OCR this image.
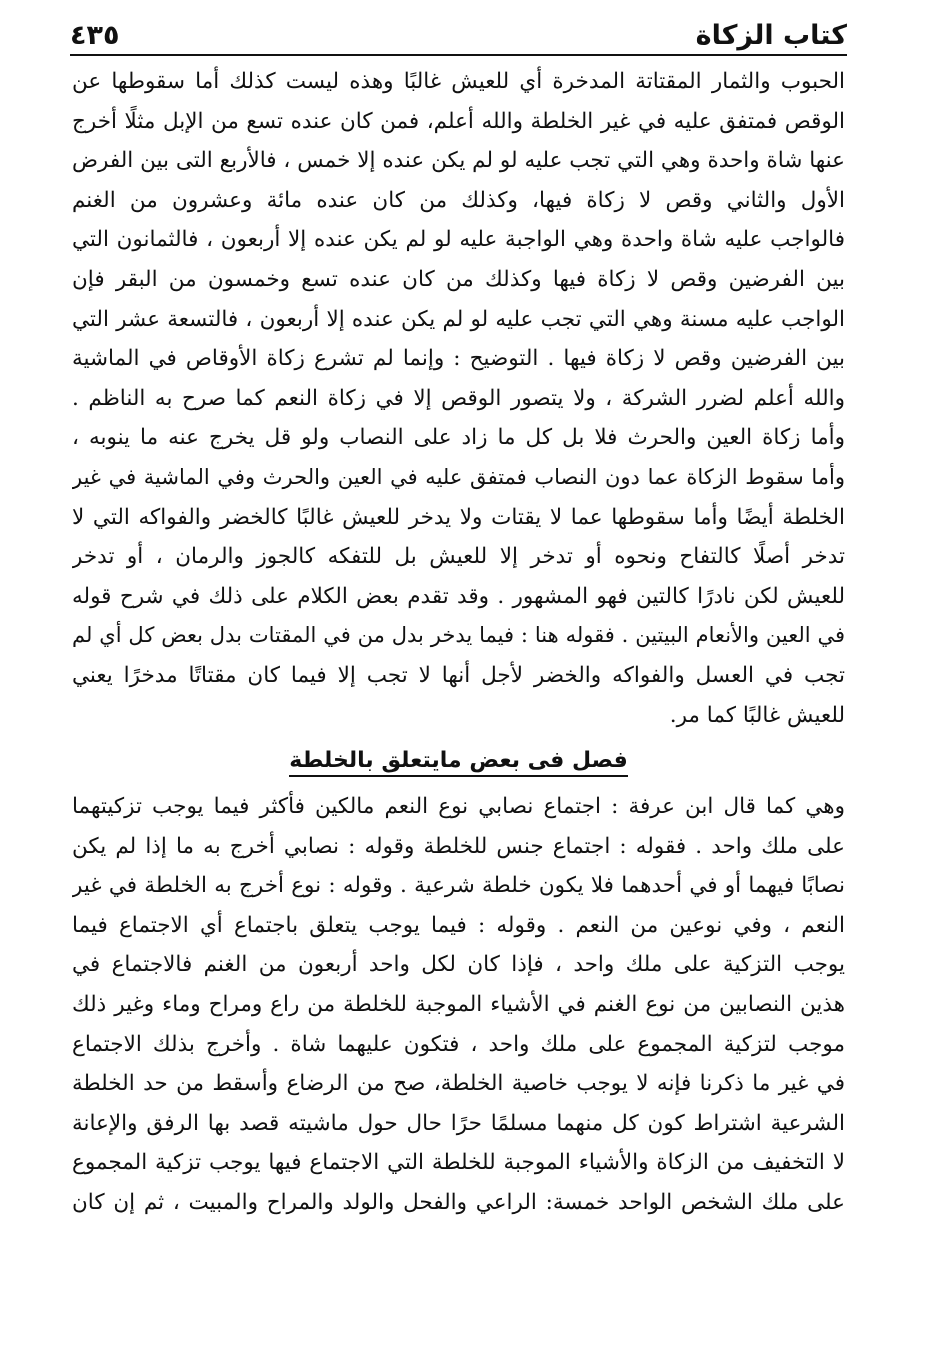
كتاب الزكاة
٤٣٥
الحبوب والثمار المقتاتة المدخرة أي للعيش غالبًا وهذه ليست كذلك أما سقوطها عن
الوقص فمتفق عليه في غير الخلطة والله أعلم، فمن كان عنده تسع من الإبل مثلًا أخرج
عنها شاة واحدة وهي التي تجب عليه لو لم يكن عنده إلا خمس ، فالأربع التى بين الفرض
الأول والثاني وقص لا زكاة فيها، وكذلك من كان عنده مائة وعشرون من الغنم
فالواجب عليه شاة واحدة وهي الواجبة عليه لو لم يكن عنده إلا أربعون ، فالثمانون التي
بين الفرضين وقص لا زكاة فيها وكذلك من كان عنده تسع وخمسون من البقر فإن
الواجب عليه مسنة وهي التي تجب عليه لو لم يكن عنده إلا أربعون ، فالتسعة عشر التي
بين الفرضين وقص لا زكاة فيها . التوضيح : وإنما لم تشرع زكاة الأوقاص في الماشية
والله أعلم لضرر الشركة ، ولا يتصور الوقص إلا في زكاة النعم كما صرح به الناظم .
وأما زكاة العين والحرث فلا بل كل ما زاد على النصاب ولو قل يخرج عنه ما ينوبه ،
وأما سقوط الزكاة عما دون النصاب فمتفق عليه في العين والحرث وفي الماشية في غير
الخلطة أيضًا وأما سقوطها عما لا يقتات ولا يدخر للعيش غالبًا كالخضر والفواكه التي لا
تدخر أصلًا كالتفاح ونحوه أو تدخر إلا للعيش بل للتفكه كالجوز والرمان ، أو تدخر
للعيش لكن نادرًا كالتين فهو المشهور . وقد تقدم بعض الكلام على ذلك في شرح قوله
في العين والأنعام البيتين . فقوله هنا : فيما يدخر بدل من في المقتات بدل بعض كل أي لم
تجب في العسل والفواكه والخضر لأجل أنها لا تجب إلا فيما كان مقتاتًا مدخرًا يعني
للعيش غالبًا كما مر.
فصل فى بعض مايتعلق بالخلطة
وهي كما قال ابن عرفة : اجتماع نصابي نوع النعم مالكين فأكثر فيما يوجب تزكيتهما
على ملك واحد . فقوله : اجتماع جنس للخلطة وقوله : نصابي أخرج به ما إذا لم يكن
نصابًا فيهما أو في أحدهما فلا يكون خلطة شرعية . وقوله : نوع أخرج به الخلطة في غير
النعم ، وفي نوعين من النعم . وقوله : فيما يوجب يتعلق باجتماع أي الاجتماع فيما
يوجب التزكية على ملك واحد ، فإذا كان لكل واحد أربعون من الغنم فالاجتماع في
هذين النصابين من نوع الغنم في الأشياء الموجبة للخلطة من راع ومراح وماء وغير ذلك
موجب لتزكية المجموع على ملك واحد ، فتكون عليهما شاة . وأخرج بذلك الاجتماع
في غير ما ذكرنا فإنه لا يوجب خاصية الخلطة، صح من الرضاع وأسقط من حد الخلطة
الشرعية اشتراط كون كل منهما مسلمًا حرًا حال حول ماشيته قصد بها الرفق والإعانة
لا التخفيف من الزكاة والأشياء الموجبة للخلطة التي الاجتماع فيها يوجب تزكية المجموع
على ملك الشخص الواحد خمسة: الراعي والفحل والولد والمراح والمبيت ، ثم إن كان
